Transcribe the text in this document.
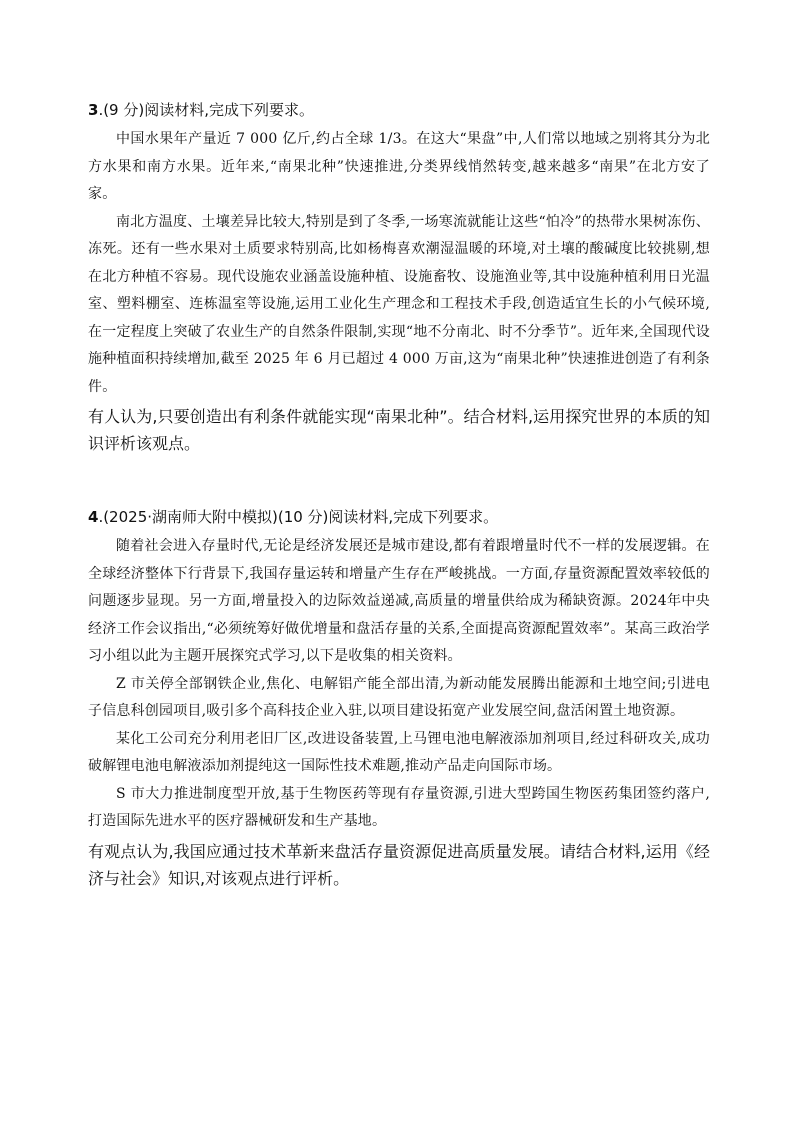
3.(9 分)阅读材料,完成下列要求。

中国水果年产量近 7 000 亿斤,约占全球 1/3。在这大“果盘”中,人们常以地域之别将其分为北方水果和南方水果。近年来,“南果北种”快速推进,分类界线悄然转变,越来越多“南果”在北方安了家。

南北方温度、土壤差异比较大,特别是到了冬季,一场寒流就能让这些“怕冷”的热带水果树冻伤、冻死。还有一些水果对土质要求特别高,比如杨梅喜欢潮湿温暖的环境,对土壤的酸碱度比较挑剔,想在北方种植不容易。现代设施农业涵盖设施种植、设施畜牧、设施渔业等,其中设施种植利用日光温室、塑料棚室、连栋温室等设施,运用工业化生产理念和工程技术手段,创造适宜生长的小气候环境,在一定程度上突破了农业生产的自然条件限制,实现“地不分南北、时不分季节”。近年来,全国现代设施种植面积持续增加,截至 2025 年 6 月已超过 4 000 万亩,这为“南果北种”快速推进创造了有利条件。

有人认为,只要创造出有利条件就能实现“南果北种”。结合材料,运用探究世界的本质的知识评析该观点。
4.(2025·湖南师大附中模拟)(10 分)阅读材料,完成下列要求。

随着社会进入存量时代,无论是经济发展还是城市建设,都有着跟增量时代不一样的发展逻辑。在全球经济整体下行背景下,我国存量运转和增量产生存在严峻挑战。一方面,存量资源配置效率较低的问题逐步显现。另一方面,增量投入的边际效益递减,高质量的增量供给成为稀缺资源。2024年中央经济工作会议指出,“必须统筹好做优增量和盘活存量的关系,全面提高资源配置效率”。某高三政治学习小组以此为主题开展探究式学习,以下是收集的相关资料。

Z 市关停全部钢铁企业,焦化、电解铝产能全部出清,为新动能发展腾出能源和土地空间;引进电子信息科创园项目,吸引多个高科技企业入驻,以项目建设拓宽产业发展空间,盘活闲置土地资源。

某化工公司充分利用老旧厂区,改进设备装置,上马锂电池电解液添加剂项目,经过科研攻关,成功破解锂电池电解液添加剂提纯这一国际性技术难题,推动产品走向国际市场。

S 市大力推进制度型开放,基于生物医药等现有存量资源,引进大型跨国生物医药集团签约落户,打造国际先进水平的医疗器械研发和生产基地。

有观点认为,我国应通过技术革新来盘活存量资源促进高质量发展。请结合材料,运用《经济与社会》知识,对该观点进行评析。
